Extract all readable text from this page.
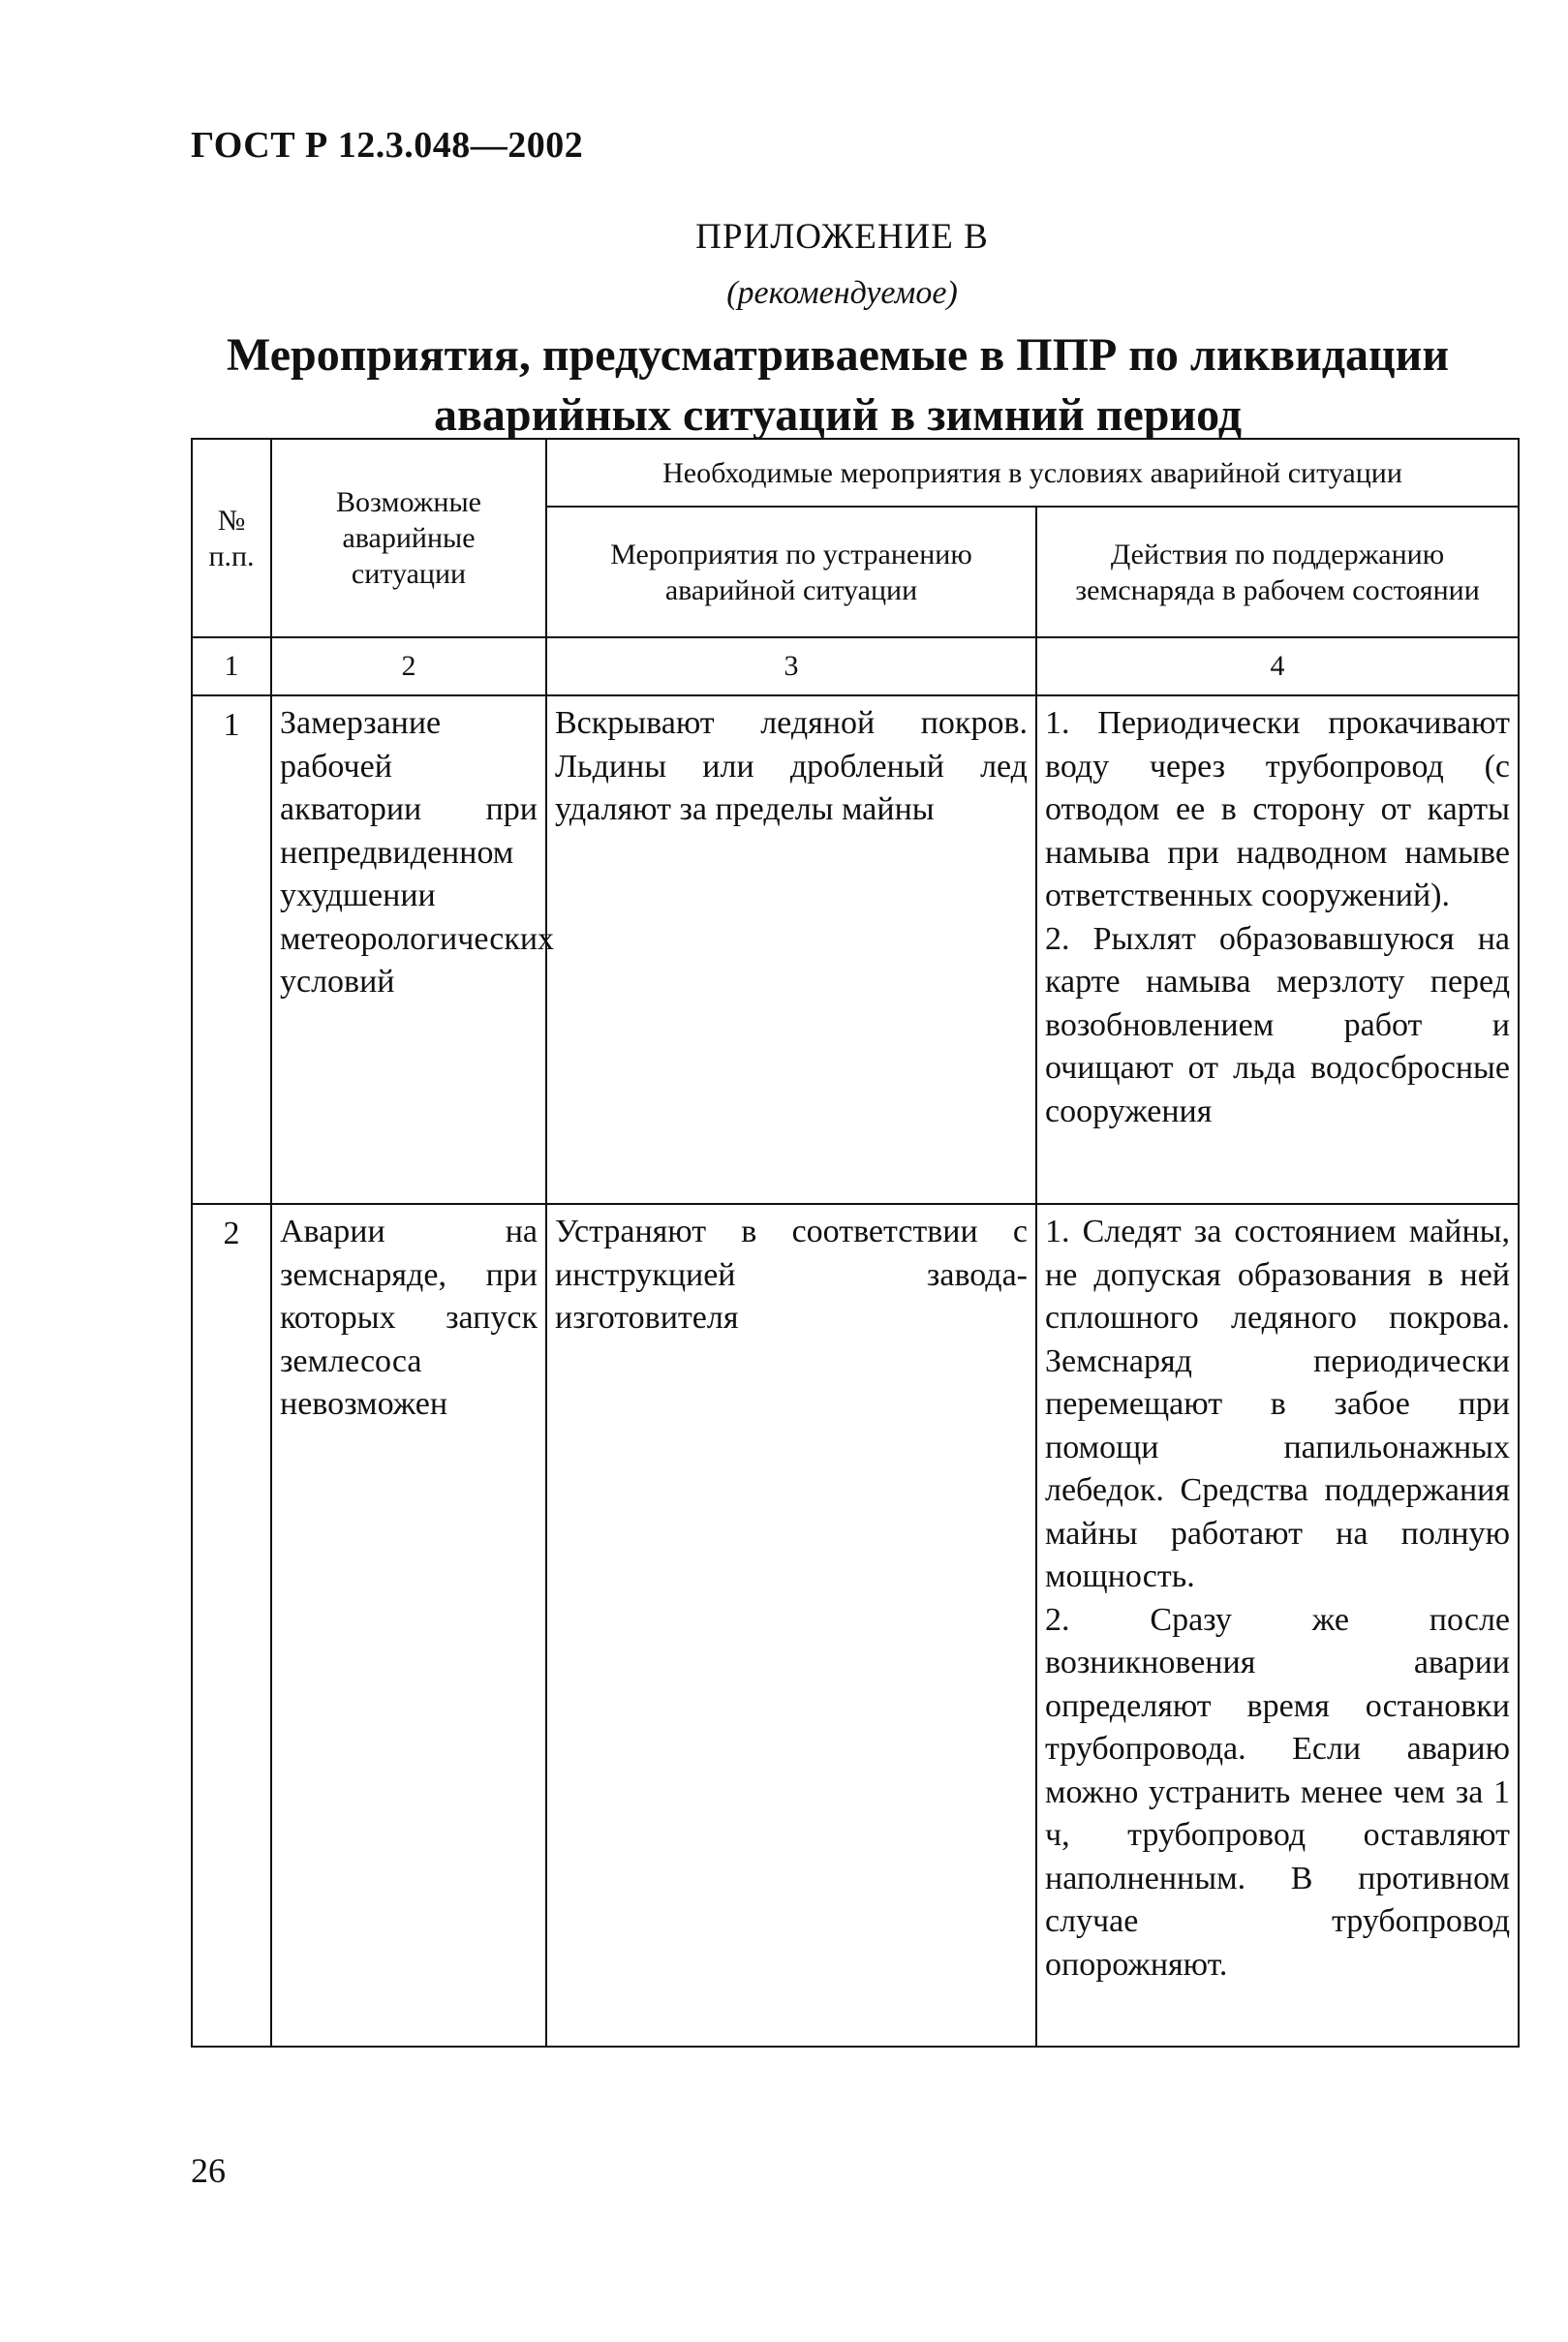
ГОСТ Р 12.3.048—2002
ПРИЛОЖЕНИЕ В
(рекомендуемое)
Мероприятия, предусматриваемые в ППР по ликвидации
аварийных ситуаций в зимний период
№ п.п.	Возможные аварийные ситуации	Необходимые мероприятия в условиях аварийной ситуации	
		Мероприятия по устранению аварийной ситуации	Действия по поддержанию земснаряда в рабочем состоянии
1	2	3	4
1	Замерзание рабочей акватории при непредвиденном ухудшении метеорологических условий	Вскрывают ледяной покров. Льдины или дробленый лед удаляют за пределы майны	1. Периодически прокачивают воду через трубопровод (с отводом ее в сторону от карты намыва при надводном намыве ответственных сооружений).

2. Рыхлят образовавшуюся на карте намыва мерзлоту перед возобновлением работ и очищают от льда водосбросные сооружения

2	Аварии на земснаряде, при которых запуск землесоса невозможен	Устраняют в соответствии с инструкцией завода-изготовителя	1. Следят за состоянием майны, не допуская образования в ней сплошного ледяного покрова. Земснаряд периодически перемещают в забое при помощи папильонажных лебедок. Средства поддержания майны работают на полную мощность.

2. Сразу же после возникновения аварии определяют время остановки трубопровода. Если аварию можно устранить менее чем за 1 ч, трубопровод оставляют наполненным. В противном случае трубопровод опорожняют.

26
